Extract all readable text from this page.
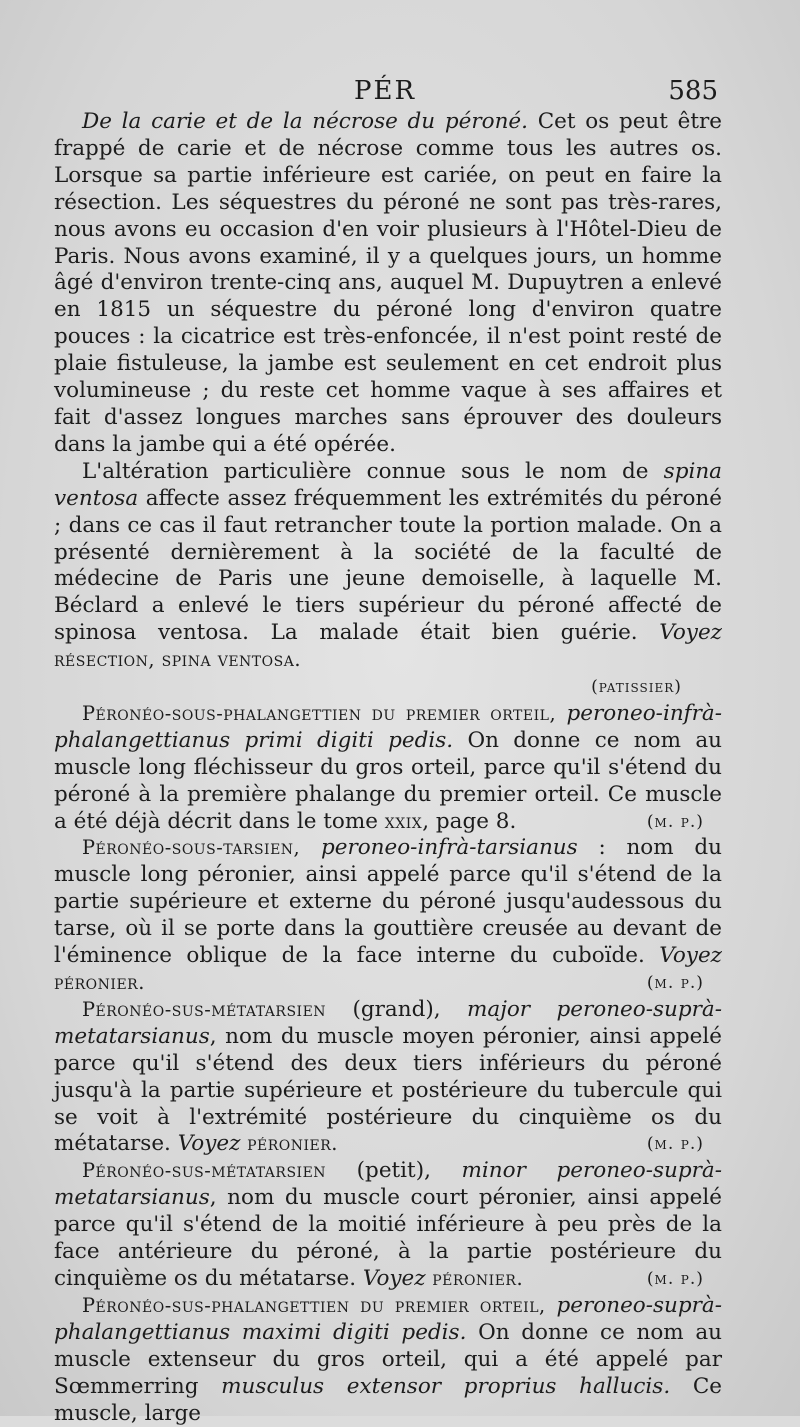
PÉR	585

De la carie et de la nécrose du péroné. Cet os peut être frappé de carie et de nécrose comme tous les autres os. Lorsque sa partie inférieure est cariée, on peut en faire la résection. Les séquestres du péroné ne sont pas très-rares, nous avons eu occasion d'en voir plusieurs à l'Hôtel-Dieu de Paris. Nous avons examiné, il y a quelques jours, un homme âgé d'environ trente-cinq ans, auquel M. Dupuytren a enlevé en 1815 un séquestre du péroné long d'environ quatre pouces : la cicatrice est très-enfoncée, il n'est point resté de plaie fistuleuse, la jambe est seulement en cet endroit plus volumineuse ; du reste cet homme vaque à ses affaires et fait d'assez longues marches sans éprouver des douleurs dans la jambe qui a été opérée.

L'altération particulière connue sous le nom de spina ventosa affecte assez fréquemment les extrémités du péroné ; dans ce cas il faut retrancher toute la portion malade. On a présenté dernièrement à la société de la faculté de médecine de Paris une jeune demoiselle, à laquelle M. Béclard a enlevé le tiers supérieur du péroné affecté de spinosa ventosa. La malade était bien guérie. Voyez résection, spina ventosa.

(patissier)

Péronéo-sous-phalangettien du premier orteil, peroneo-infrà-phalangettianus primi digiti pedis. On donne ce nom au muscle long fléchisseur du gros orteil, parce qu'il s'étend du péroné à la première phalange du premier orteil. Ce muscle a été déjà décrit dans le tome xxix, page 8.	(m. p.)

Péronéo-sous-tarsien, peroneo-infrà-tarsianus : nom du muscle long péronier, ainsi appelé parce qu'il s'étend de la partie supérieure et externe du péroné jusqu'audessous du tarse, où il se porte dans la gouttière creusée au devant de l'éminence oblique de la face interne du cuboïde. Voyez péronier.	(m. p.)

Péronéo-sus-métatarsien (grand), major peroneo-suprà-metatarsianus, nom du muscle moyen péronier, ainsi appelé parce qu'il s'étend des deux tiers inférieurs du péroné jusqu'à la partie supérieure et postérieure du tubercule qui se voit à l'extrémité postérieure du cinquième os du métatarse. Voyez péronier.	(m. p.)

Péronéo-sus-métatarsien (petit), minor peroneo-suprà-metatarsianus, nom du muscle court péronier, ainsi appelé parce qu'il s'étend de la moitié inférieure à peu près de la face antérieure du péroné, à la partie postérieure du cinquième os du métatarse. Voyez péronier.	(m. p.)

Péronéo-sus-phalangettien du premier orteil, peroneo-suprà-phalangettianus maximi digiti pedis. On donne ce nom au muscle extenseur du gros orteil, qui a été appelé par Sœmmerring musculus extensor proprius hallucis. Ce muscle, large
